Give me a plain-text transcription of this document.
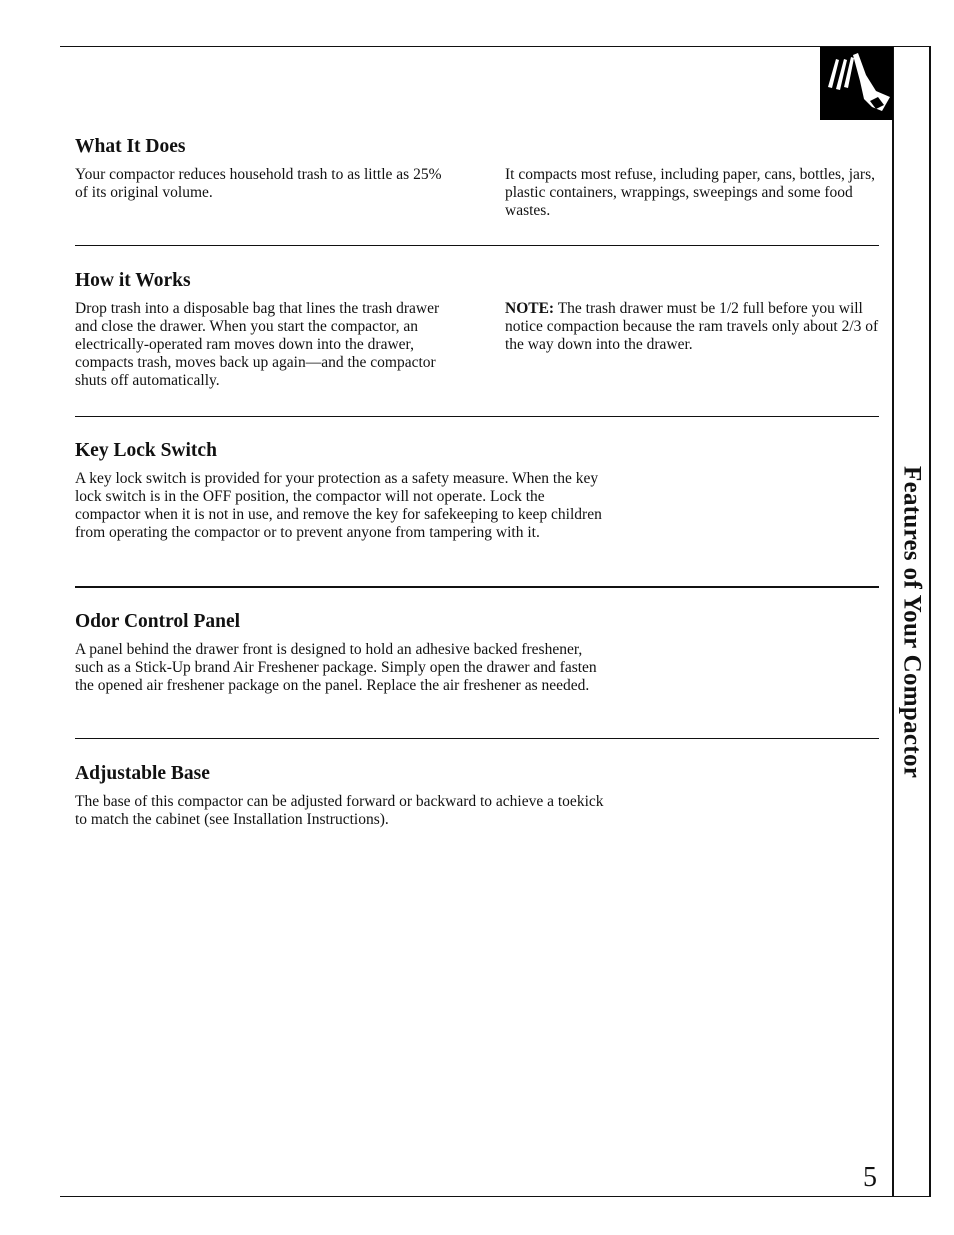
Features of Your Compactor
5
What It Does
Your compactor reduces household trash to as little as 25% of its original volume.
It compacts most refuse, including paper, cans, bottles, jars, plastic containers, wrappings, sweepings and some food wastes.
How it Works
Drop trash into a disposable bag that lines the trash drawer and close the drawer. When you start the compactor, an electrically-operated ram moves down into the drawer, compacts trash, moves back up again—and the compactor shuts off automatically.
NOTE: The trash drawer must be 1/2 full before you will notice compaction because the ram travels only about 2/3 of the way down into the drawer.
Key Lock Switch
A key lock switch is provided for your protection as a safety measure. When the key lock switch is in the OFF position, the compactor will not operate. Lock the compactor when it is not in use, and remove the key for safekeeping to keep children from operating the compactor or to prevent anyone from tampering with it.
Odor Control Panel
A panel behind the drawer front is designed to hold an adhesive backed freshener, such as a Stick-Up brand Air Freshener package. Simply open the drawer and fasten the opened air freshener package on the panel. Replace the air freshener as needed.
Adjustable Base
The base of this compactor can be adjusted forward or backward to achieve a toekick to match the cabinet (see Installation Instructions).
